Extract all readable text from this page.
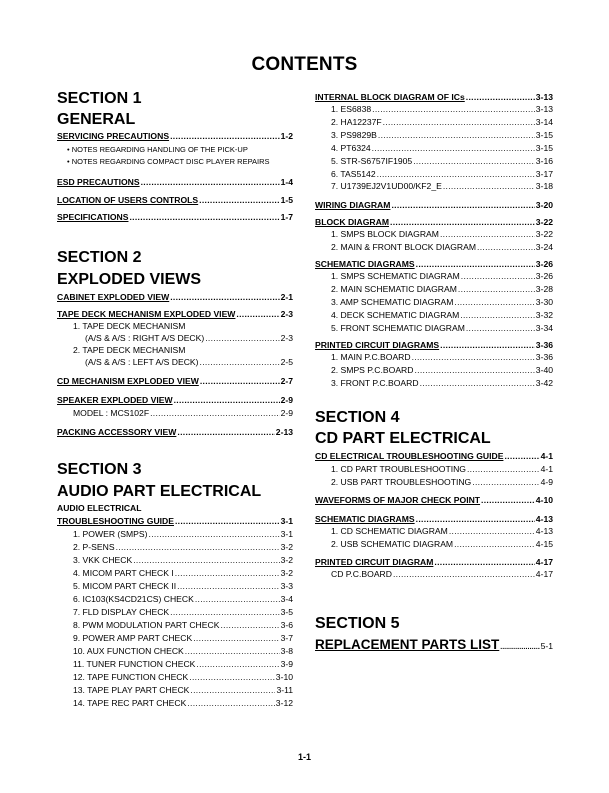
CONTENTS
SECTION 1
GENERAL
SERVICING PRECAUTIONS .....	1-2
• NOTES REGARDING HANDLING OF THE PICK-UP
• NOTES REGARDING COMPACT DISC PLAYER REPAIRS
ESD PRECAUTIONS .....	1-4
LOCATION OF USERS CONTROLS .....	1-5
SPECIFICATIONS .....	1-7
SECTION 2
EXPLODED VIEWS
CABINET EXPLODED VIEW .....	2-1
TAPE DECK MECHANISM EXPLODED VIEW .....	2-3
1. TAPE DECK MECHANISM
(A/S & A/S : RIGHT A/S DECK) .....	2-3
2. TAPE DECK MECHANISM
(A/S & A/S : LEFT A/S DECK) .....	2-5
CD MECHANISM EXPLODED VIEW .....	2-7
SPEAKER EXPLODED VIEW .....	2-9
MODEL : MCS102F .....	2-9
PACKING ACCESSORY VIEW .....	2-13
SECTION 3
AUDIO PART ELECTRICAL
AUDIO ELECTRICAL
TROUBLESHOOTING GUIDE .....	3-1
1. POWER (SMPS) .....	3-1
2. P-SENS .....	3-2
3. VKK CHECK .....	3-2
4. MICOM PART CHECK I .....	3-2
5. MICOM PART CHECK II .....	3-3
6. IC103(KS4CD21CS) CHECK .....	3-4
7. FLD DISPLAY CHECK .....	3-5
8. PWM MODULATION PART CHECK .....	3-6
9. POWER AMP PART CHECK .....	3-7
10. AUX FUNCTION CHECK .....	3-8
11. TUNER FUNCTION CHECK .....	3-9
12. TAPE FUNCTION CHECK .....	3-10
13. TAPE PLAY PART CHECK .....	3-11
14. TAPE REC PART CHECK .....	3-12
INTERNAL BLOCK DIAGRAM OF ICs .....	3-13
1. ES6838 .....	3-13
2. HA12237F .....	3-14
3. PS9829B .....	3-15
4. PT6324 .....	3-15
5. STR-S6757IF1905 .....	3-16
6. TAS5142 .....	3-17
7. U1739EJ2V1UD00/KF2_E .....	3-18
WIRING DIAGRAM .....	3-20
BLOCK DIAGRAM .....	3-22
1. SMPS BLOCK DIAGRAM .....	3-22
2. MAIN & FRONT BLOCK DIAGRAM .....	3-24
SCHEMATIC DIAGRAMS .....	3-26
1. SMPS SCHEMATIC DIAGRAM .....	3-26
2. MAIN SCHEMATIC DIAGRAM .....	3-28
3. AMP SCHEMATIC DIAGRAM .....	3-30
4. DECK SCHEMATIC DIAGRAM .....	3-32
5. FRONT SCHEMATIC DIAGRAM .....	3-34
PRINTED CIRCUIT DIAGRAMS .....	3-36
1. MAIN P.C.BOARD .....	3-36
2. SMPS P.C.BOARD .....	3-40
3. FRONT P.C.BOARD .....	3-42
SECTION 4
CD PART ELECTRICAL
CD ELECTRICAL TROUBLESHOOTING GUIDE .....	4-1
1. CD PART TROUBLESHOOTING .....	4-1
2. USB PART TROUBLESHOOTING .....	4-9
WAVEFORMS OF MAJOR CHECK POINT .....	4-10
SCHEMATIC DIAGRAMS .....	4-13
1. CD SCHEMATIC DIAGRAM .....	4-13
2. USB SCHEMATIC DIAGRAM .....	4-15
PRINTED CIRCUIT DIAGRAM .....	4-17
CD P.C.BOARD .....	4-17
SECTION 5
REPLACEMENT PARTS LIST .....	5-1
1-1
